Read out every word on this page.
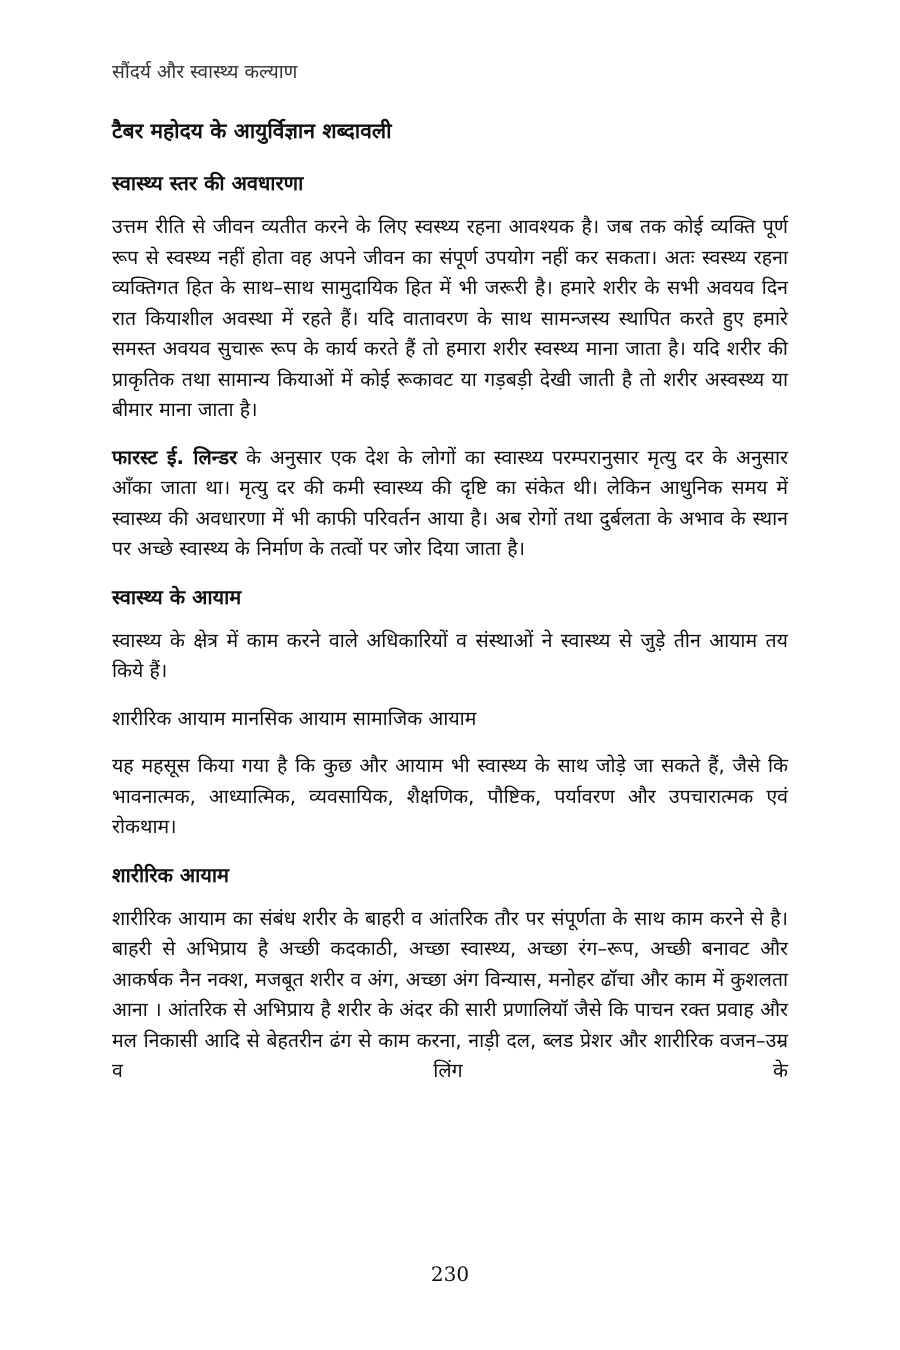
सौंदर्य और स्वास्थ्य कल्याण
टैबर महोदय के आयुर्विज्ञान शब्दावली
स्वास्थ्य स्तर की अवधारणा

उत्तम रीति से जीवन व्यतीत करने के लिए स्वस्थ्य रहना आवश्यक है। जब तक कोई व्यक्ति पूर्ण रूप से स्वस्थ्य नहीं होता वह अपने जीवन का संपूर्ण उपयोग नहीं कर सकता। अतः स्वस्थ्य रहना व्यक्तिगत हित के साथ–साथ सामुदायिक हित में भी जरूरी है। हमारे शरीर के सभी अवयव दिन रात कियाशील अवस्था में रहते हैं। यदि वातावरण के साथ सामन्जस्य स्थापित करते हुए हमारे समस्त अवयव सुचारू रूप के कार्य करते हैं तो हमारा शरीर स्वस्थ्य माना जाता है। यदि शरीर की प्राकृतिक तथा सामान्य कियाओं में कोई रूकावट या गड़बड़ी देखी जाती है तो शरीर अस्वस्थ्य या बीमार माना जाता है।

फारस्ट ई. लिन्डर के अनुसार एक देश के लोगों का स्वास्थ्य परम्परानुसार मृत्यु दर के अनुसार आँका जाता था। मृत्यु दर की कमी स्वास्थ्य की दृष्टि का संकेत थी। लेकिन आधुनिक समय में स्वास्थ्य की अवधारणा में भी काफी परिवर्तन आया है। अब रोगों तथा दुर्बलता के अभाव के स्थान पर अच्छे स्वास्थ्य के निर्माण के तत्वों पर जोर दिया जाता है।

स्वास्थ्य के आयाम

स्वास्थ्य के क्षेत्र में काम करने वाले अधिकारियों व संस्थाओं ने स्वास्थ्य से जुड़े तीन आयाम तय किये हैं।

शारीरिक आयाम मानसिक आयाम सामाजिक आयाम

यह महसूस किया गया है कि कुछ और आयाम भी स्वास्थ्य के साथ जोड़े जा सकते हैं, जैसे कि भावनात्मक, आध्यात्मिक, व्यवसायिक, शैक्षणिक, पौष्टिक, पर्यावरण और उपचारात्मक एवं रोकथाम।

शारीरिक आयाम

शारीरिक आयाम का संबंध शरीर के बाहरी व आंतरिक तौर पर संपूर्णता के साथ काम करने से है। बाहरी से अभिप्राय है अच्छी कदकाठी, अच्छा स्वास्थ्य, अच्छा रंग–रूप, अच्छी बनावट और आकर्षक नैन नक्श, मजबूत शरीर व अंग, अच्छा अंग विन्यास, मनोहर ढॉचा और काम में कुशलता आना । आंतरिक से अभिप्राय है शरीर के अंदर की सारी प्रणालियॉ जैसे कि पाचन रक्त प्रवाह और मल निकासी आदि से बेहतरीन ढंग से काम करना, नाड़ी दल, ब्लड प्रेशर और शारीरिक वजन–उम्र व लिंग के

230
